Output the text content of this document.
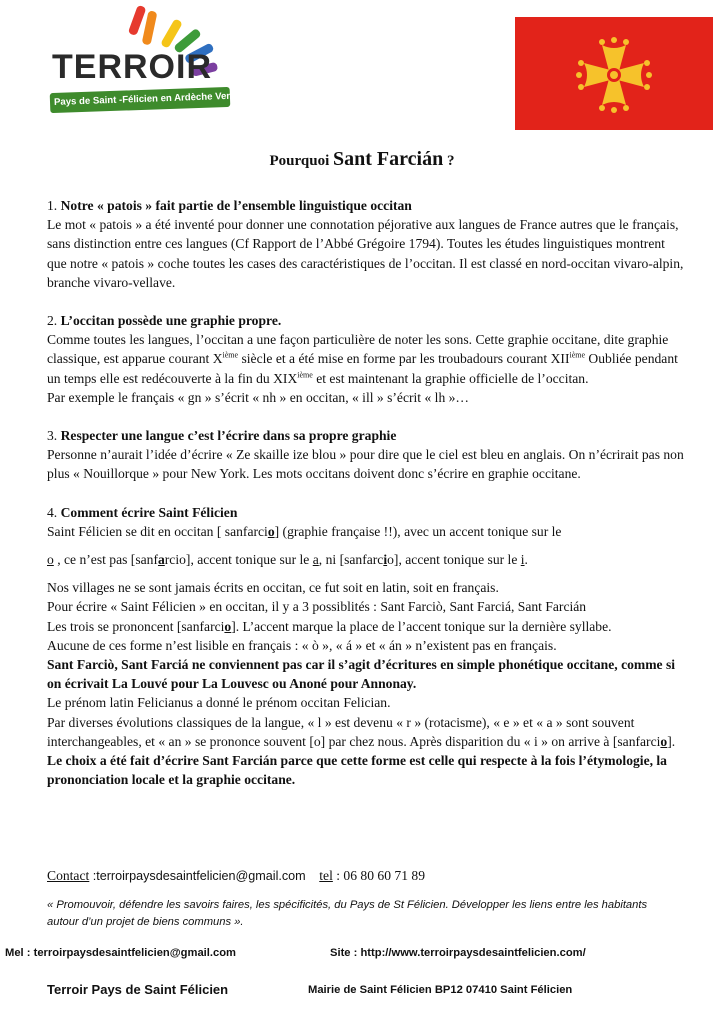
TERROIR
Pays de Saint -Félicien en Ardèche Verte
Pourquoi Sant Farcián ?

1. Notre « patois » fait partie de l’ensemble linguistique occitan

Le mot « patois » a été inventé pour donner une connotation péjorative aux langues de France autres que le français, sans distinction entre ces langues (Cf Rapport de l’Abbé Grégoire 1794). Toutes les études linguistiques montrent que notre « patois » coche toutes les cases des caractéristiques de l’occitan. Il est classé en nord-occitan vivaro-alpin, branche vivaro-vellave.

2. L’occitan possède une graphie propre.

Comme toutes les langues, l’occitan a une façon particulière de noter les sons. Cette graphie occitane, dite graphie classique, est apparue courant Xième siècle et a été mise en forme par les troubadours courant XIIième Oubliée pendant un temps elle est redécouverte à la fin du XIXième et est maintenant la graphie officielle de l’occitan.

Par exemple le français « gn » s’écrit « nh » en occitan, « ill » s’écrit « lh »…

3. Respecter une langue c’est l’écrire dans sa propre graphie

Personne n’aurait l’idée d’écrire « Ze skaille ize blou » pour dire que le ciel est bleu en anglais. On n’écrirait pas non plus « Nouillorque » pour New York. Les mots occitans doivent donc s’écrire en graphie occitane.

4. Comment écrire Saint Félicien

Saint Félicien se dit en occitan [ sanfarcio] (graphie française !!), avec un accent tonique sur le

o , ce n’est pas [sanfarcio], accent tonique sur le a, ni [sanfarcio], accent tonique sur le i.

Nos villages ne se sont jamais écrits en occitan, ce fut soit en latin, soit en français.

Pour écrire « Saint Félicien » en occitan, il y a 3 possiblités : Sant Farciò, Sant Farciá, Sant Farcián

Les trois se prononcent [sanfarcio]. L’accent marque la place de l’accent tonique sur la dernière syllabe.

Aucune de ces forme n’est lisible en français : « ò », « á » et « án » n’existent pas en français.

Sant Farciò, Sant Farciá ne conviennent pas car il s’agit d’écritures en simple phonétique occitane, comme si on écrivait La Louvé pour La Louvesc ou Anoné pour Annonay.

Le prénom latin Felicianus a donné le prénom occitan Felician.

Par diverses évolutions classiques de la langue, « l » est devenu « r » (rotacisme), « e » et « a » sont souvent interchangeables, et « an » se prononce souvent [o] par chez nous. Après disparition du « i » on arrive à [sanfarcio].

Le choix a été fait d’écrire Sant Farcián parce que cette forme est celle qui respecte à la fois l’étymologie, la prononciation locale et la graphie occitane.

Contact :terroirpaysdesaintfelicien@gmail.com tel : 06 80 60 71 89
« Promouvoir, défendre les savoirs faires, les spécificités, du Pays de St Félicien. Développer les liens entre les habitants autour d’un projet de biens communs ».
Mel : terroirpaysdesaintfelicien@gmail.com	Site : http://www.terroirpaysdesaintfelicien.com/
Terroir Pays de Saint Félicien	Mairie de Saint Félicien BP12 07410 Saint Félicien
